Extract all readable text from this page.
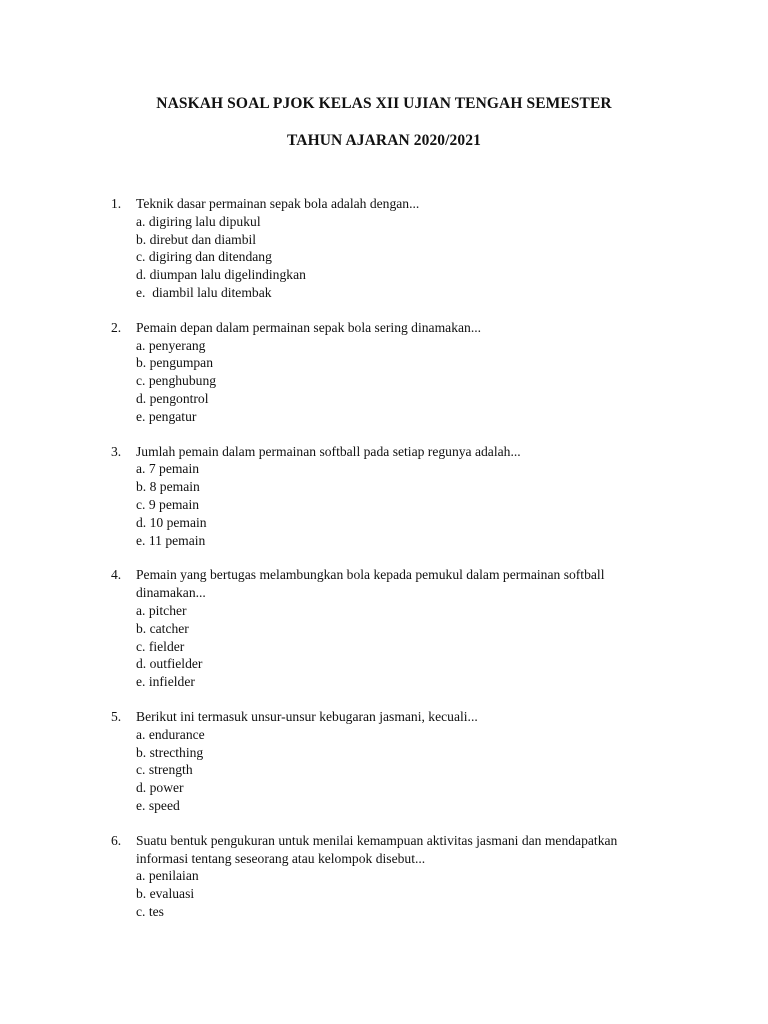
NASKAH SOAL PJOK KELAS XII UJIAN TENGAH SEMESTER
TAHUN AJARAN 2020/2021
1. Teknik dasar permainan sepak bola adalah dengan...
a. digiring lalu dipukul
b. direbut dan diambil
c. digiring dan ditendang
d. diumpan lalu digelindingkan
e.  diambil lalu ditembak
2. Pemain depan dalam permainan sepak bola sering dinamakan...
a. penyerang
b. pengumpan
c. penghubung
d. pengontrol
e. pengatur
3. Jumlah pemain dalam permainan softball pada setiap regunya adalah...
a. 7 pemain
b. 8 pemain
c. 9 pemain
d. 10 pemain
e. 11 pemain
4. Pemain yang bertugas melambungkan bola kepada pemukul dalam permainan softball dinamakan...
a. pitcher
b. catcher
c. fielder
d. outfielder
e. infielder
5. Berikut ini termasuk unsur-unsur kebugaran jasmani, kecuali...
a. endurance
b. strecthing
c. strength
d. power
e. speed
6. Suatu bentuk pengukuran untuk menilai kemampuan aktivitas jasmani dan mendapatkan informasi tentang seseorang atau kelompok disebut...
a. penilaian
b. evaluasi
c. tes
